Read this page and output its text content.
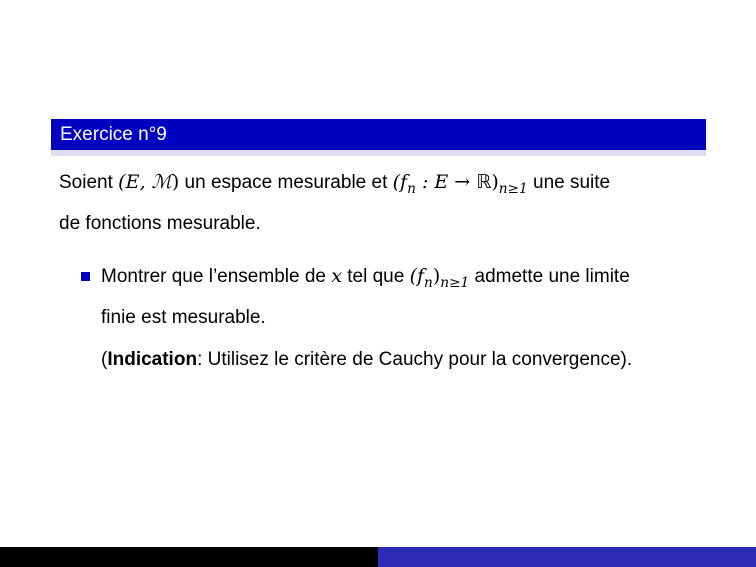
Exercice n°9
Soient (E, ℳ) un espace mesurable et ($f_n$ : $E \to ℝ)_{n\ge 1}$ une suite
de fonctions mesurable.
Montrer que l’ensemble de x tel que $(f_n)_{n\ge 1}$ admette une limite
finie est mesurable.
(Indication: Utilisez le critère de Cauchy pour la convergence).
